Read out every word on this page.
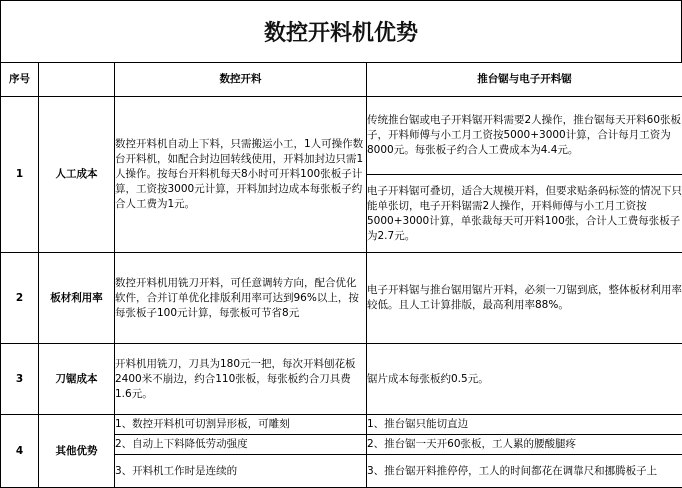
数控开料机优势
序号		数控开料	推台锯与电子开料锯
1	人工成本	数控开料机自动上下料，只需搬运小工，1人可操作数台开料机，如配合封边回转线使用，开料加封边只需1人操作。按每台开料机每天8小时可开料100张板子计算，工资按3000元计算，开料加封边成本每张板子约合人工费为1元。	传统推台锯或电子开料锯开料需要2人操作，推台锯每天开料60张板子，开料师傅与小工月工资按5000+3000计算，合计每月工资为8000元。每张板子约合人工费成本为4.4元。
			电子开料锯可叠切，适合大规模开料，但要求贴条码标签的情况下只能单张切，电子开料锯需2人操作，开料师傅与小工月工资按5000+3000计算，单张裁每天可开料100张，合计人工费每张板子为2.7元。
2	板材利用率	数控开料机用铣刀开料，可任意调转方向，配合优化软件，合并订单优化排版利用率可达到96%以上，按每张板子100元计算，每张板可节省8元	电子开料锯与推台锯用锯片开料，必须一刀锯到底，整体板材利用率较低。且人工计算排版，最高利用率88%。
3	刀锯成本	开料机用铣刀，刀具为180元一把，每次开料刨花板2400米不崩边，约合110张板，每张板约合刀具费1.6元。	锯片成本每张板约0.5元。
4	其他优势	1、数控开料机可切割异形板，可雕刻	1、推台锯只能切直边
		2、自动上下料降低劳动强度	2、推台锯一天开60张板，工人累的腰酸腿疼
		3、开料机工作时是连续的	3、推台锯开料推停停，工人的时间都花在调靠尺和挪腾板子上
